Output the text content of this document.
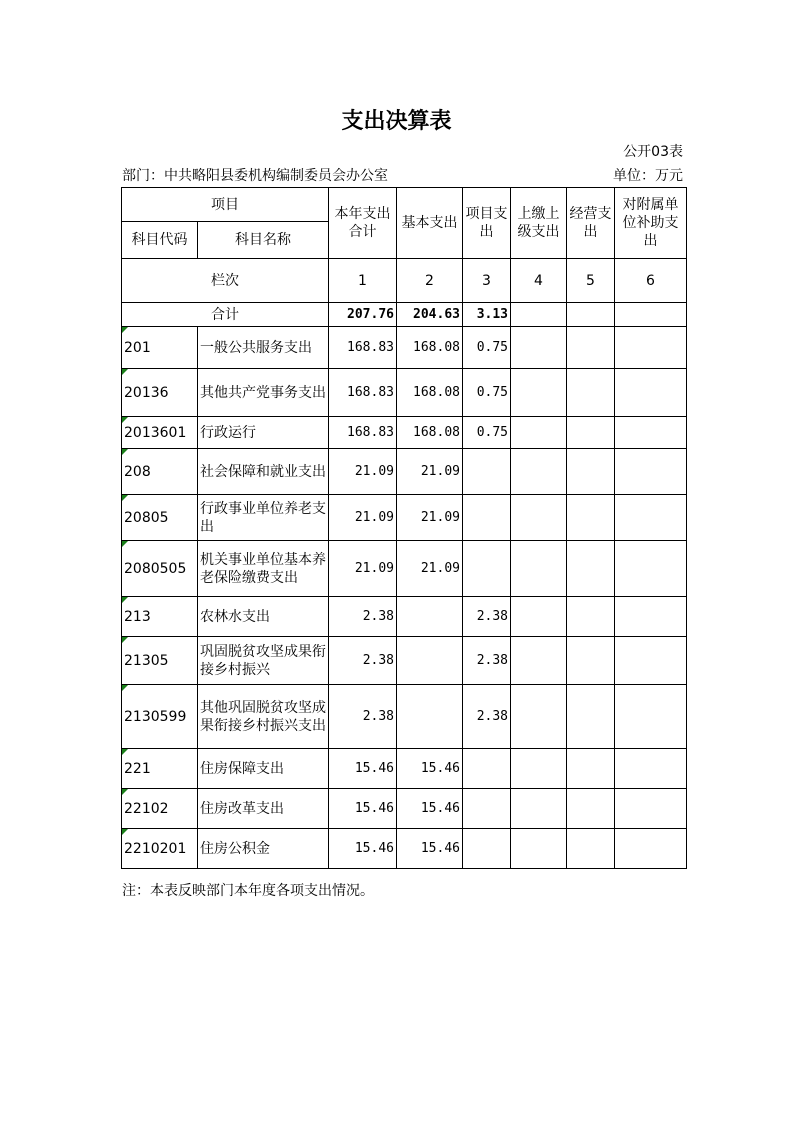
支出决算表
公开03表
部门：中共略阳县委机构编制委员会办公室	单位：万元
项目		本年支出合计	基本支出	项目支出	上缴上级支出	经营支出	对附属单位补助支出
科目代码	科目名称						
栏次		1	2	3	4	5	6
合计		207.76	204.63	3.13			
201	一般公共服务支出	168.83	168.08	0.75			
20136	其他共产党事务支出	168.83	168.08	0.75			
2013601	行政运行	168.83	168.08	0.75			
208	社会保障和就业支出	21.09	21.09				
20805	行政事业单位养老支出	21.09	21.09				
2080505	机关事业单位基本养老保险缴费支出	21.09	21.09				
213	农林水支出	2.38		2.38			
21305	巩固脱贫攻坚成果衔接乡村振兴	2.38		2.38			
2130599	其他巩固脱贫攻坚成果衔接乡村振兴支出	2.38		2.38			
221	住房保障支出	15.46	15.46				
22102	住房改革支出	15.46	15.46				
2210201	住房公积金	15.46	15.46				
注：本表反映部门本年度各项支出情况。
